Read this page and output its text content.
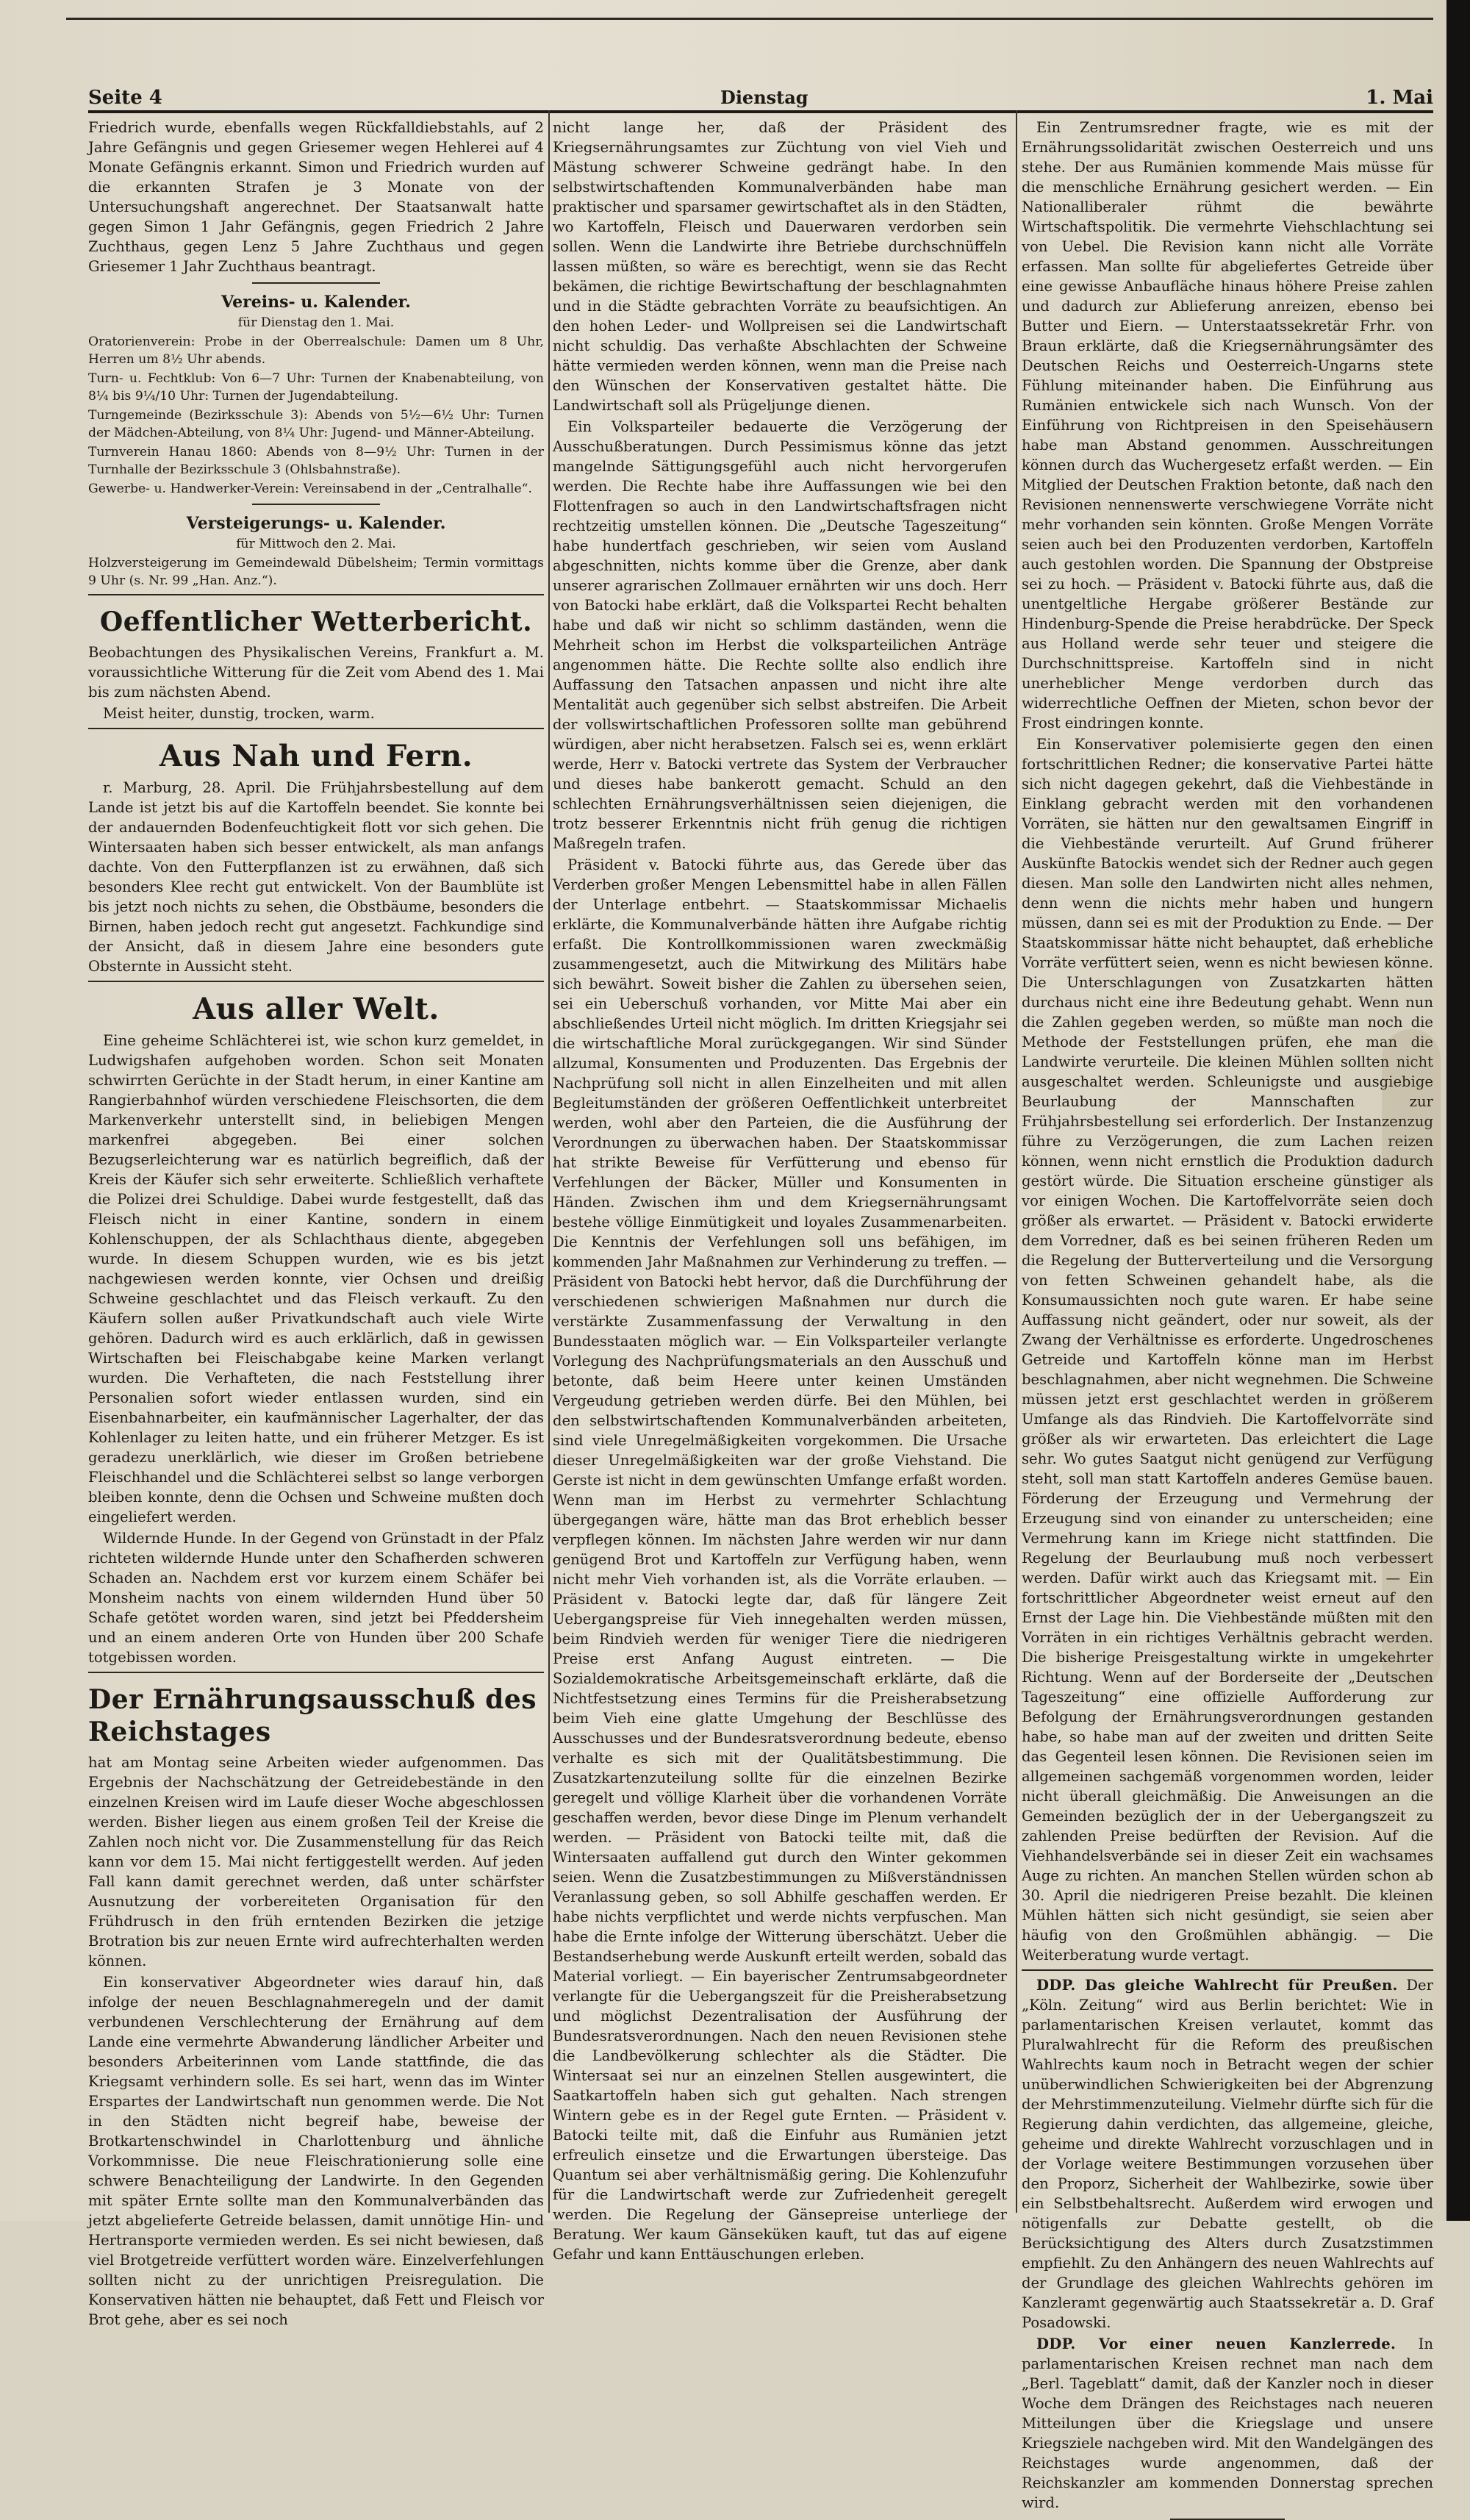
Seite 4	Dienstag	1. Mai

Friedrich wurde, ebenfalls wegen Rückfalldiebstahls, auf 2 Jahre Gefängnis und gegen Griesemer wegen Hehlerei auf 4 Monate Gefängnis erkannt. Simon und Friedrich wurden auf die erkannten Strafen je 3 Monate von der Untersuchungshaft angerechnet. Der Staatsanwalt hatte gegen Simon 1 Jahr Gefängnis, gegen Friedrich 2 Jahre Zuchthaus, gegen Lenz 5 Jahre Zuchthaus und gegen Griesemer 1 Jahr Zuchthaus beantragt.

Vereins- u. Kalender.

für Dienstag den 1. Mai.

Oratorienverein: Probe in der Oberrealschule: Damen um 8 Uhr, Herren um 8½ Uhr abends.

Turn- u. Fechtklub: Von 6—7 Uhr: Turnen der Knabenabteilung, von 8¼ bis 9¼/10 Uhr: Turnen der Jugendabteilung.

Turngemeinde (Bezirksschule 3): Abends von 5½—6½ Uhr: Turnen der Mädchen-Abteilung, von 8¼ Uhr: Jugend- und Männer-Abteilung.

Turnverein Hanau 1860: Abends von 8—9½ Uhr: Turnen in der Turnhalle der Bezirksschule 3 (Ohlsbahnstraße).

Gewerbe- u. Handwerker-Verein: Vereinsabend in der „Centralhalle“.

Versteigerungs- u. Kalender.

für Mittwoch den 2. Mai.

Holzversteigerung im Gemeindewald Dübelsheim; Termin vormittags 9 Uhr (s. Nr. 99 „Han. Anz.“).

Oeffentlicher Wetterbericht.

Beobachtungen des Physikalischen Vereins, Frankfurt a. M. voraussichtliche Witterung für die Zeit vom Abend des 1. Mai bis zum nächsten Abend.

Meist heiter, dunstig, trocken, warm.

Aus Nah und Fern.

r. Marburg, 28. April. Die Frühjahrsbestellung auf dem Lande ist jetzt bis auf die Kartoffeln beendet. Sie konnte bei der andauernden Bodenfeuchtigkeit flott vor sich gehen. Die Wintersaaten haben sich besser entwickelt, als man anfangs dachte. Von den Futterpflanzen ist zu erwähnen, daß sich besonders Klee recht gut entwickelt. Von der Baumblüte ist bis jetzt noch nichts zu sehen, die Obstbäume, besonders die Birnen, haben jedoch recht gut angesetzt. Fachkundige sind der Ansicht, daß in diesem Jahre eine besonders gute Obsternte in Aussicht steht.

Aus aller Welt.

Eine geheime Schlächterei ist, wie schon kurz gemeldet, in Ludwigshafen aufgehoben worden. Schon seit Monaten schwirrten Gerüchte in der Stadt herum, in einer Kantine am Rangierbahnhof würden verschiedene Fleischsorten, die dem Markenverkehr unterstellt sind, in beliebigen Mengen markenfrei abgegeben. Bei einer solchen Bezugserleichterung war es natürlich begreiflich, daß der Kreis der Käufer sich sehr erweiterte. Schließlich verhaftete die Polizei drei Schuldige. Dabei wurde festgestellt, daß das Fleisch nicht in einer Kantine, sondern in einem Kohlenschuppen, der als Schlachthaus diente, abgegeben wurde. In diesem Schuppen wurden, wie es bis jetzt nachgewiesen werden konnte, vier Ochsen und dreißig Schweine geschlachtet und das Fleisch verkauft. Zu den Käufern sollen außer Privatkundschaft auch viele Wirte gehören. Dadurch wird es auch erklärlich, daß in gewissen Wirtschaften bei Fleischabgabe keine Marken verlangt wurden. Die Verhafteten, die nach Feststellung ihrer Personalien sofort wieder entlassen wurden, sind ein Eisenbahnarbeiter, ein kaufmännischer Lagerhalter, der das Kohlenlager zu leiten hatte, und ein früherer Metzger. Es ist geradezu unerklärlich, wie dieser im Großen betriebene Fleischhandel und die Schlächterei selbst so lange verborgen bleiben konnte, denn die Ochsen und Schweine mußten doch eingeliefert werden.

Wildernde Hunde. In der Gegend von Grünstadt in der Pfalz richteten wildernde Hunde unter den Schafherden schweren Schaden an. Nachdem erst vor kurzem einem Schäfer bei Monsheim nachts von einem wildernden Hund über 50 Schafe getötet worden waren, sind jetzt bei Pfeddersheim und an einem anderen Orte von Hunden über 200 Schafe totgebissen worden.

Der Ernährungsausschuß des Reichstages

hat am Montag seine Arbeiten wieder aufgenommen. Das Ergebnis der Nachschätzung der Getreidebestände in den einzelnen Kreisen wird im Laufe dieser Woche abgeschlossen werden. Bisher liegen aus einem großen Teil der Kreise die Zahlen noch nicht vor. Die Zusammenstellung für das Reich kann vor dem 15. Mai nicht fertiggestellt werden. Auf jeden Fall kann damit gerechnet werden, daß unter schärfster Ausnutzung der vorbereiteten Organisation für den Frühdrusch in den früh erntenden Bezirken die jetzige Brotration bis zur neuen Ernte wird aufrechterhalten werden können.

Ein konservativer Abgeordneter wies darauf hin, daß infolge der neuen Beschlagnahmeregeln und der damit verbundenen Verschlechterung der Ernährung auf dem Lande eine vermehrte Abwanderung ländlicher Arbeiter und besonders Arbeiterinnen vom Lande stattfinde, die das Kriegsamt verhindern solle. Es sei hart, wenn das im Winter Erspartes der Landwirtschaft nun genommen werde. Die Not in den Städten nicht begreif habe, beweise der Brotkartenschwindel in Charlottenburg und ähnliche Vorkommnisse. Die neue Fleischrationierung solle eine schwere Benachteiligung der Landwirte. In den Gegenden mit später Ernte sollte man den Kommunalverbänden das jetzt abgelieferte Getreide belassen, damit unnötige Hin- und Hertransporte vermieden werden. Es sei nicht bewiesen, daß viel Brotgetreide verfüttert worden wäre. Einzelverfehlungen sollten nicht zu der unrichtigen Preisregulation. Die Konservativen hätten nie behauptet, daß Fett und Fleisch vor Brot gehe, aber es sei noch

nicht lange her, daß der Präsident des Kriegsernährungsamtes zur Züchtung von viel Vieh und Mästung schwerer Schweine gedrängt habe. In den selbstwirtschaftenden Kommunalverbänden habe man praktischer und sparsamer gewirtschaftet als in den Städten, wo Kartoffeln, Fleisch und Dauerwaren verdorben sein sollen. Wenn die Landwirte ihre Betriebe durchschnüffeln lassen müßten, so wäre es berechtigt, wenn sie das Recht bekämen, die richtige Bewirtschaftung der beschlagnahmten und in die Städte gebrachten Vorräte zu beaufsichtigen. An den hohen Leder- und Wollpreisen sei die Landwirtschaft nicht schuldig. Das verhaßte Abschlachten der Schweine hätte vermieden werden können, wenn man die Preise nach den Wünschen der Konservativen gestaltet hätte. Die Landwirtschaft soll als Prügeljunge dienen.

Ein Volksparteiler bedauerte die Verzögerung der Ausschußberatungen. Durch Pessimismus könne das jetzt mangelnde Sättigungsgefühl auch nicht hervorgerufen werden. Die Rechte habe ihre Auffassungen wie bei den Flottenfragen so auch in den Landwirtschaftsfragen nicht rechtzeitig umstellen können. Die „Deutsche Tageszeitung“ habe hundertfach geschrieben, wir seien vom Ausland abgeschnitten, nichts komme über die Grenze, aber dank unserer agrarischen Zollmauer ernährten wir uns doch. Herr von Batocki habe erklärt, daß die Volkspartei Recht behalten habe und daß wir nicht so schlimm daständen, wenn die Mehrheit schon im Herbst die volksparteilichen Anträge angenommen hätte. Die Rechte sollte also endlich ihre Auffassung den Tatsachen anpassen und nicht ihre alte Mentalität auch gegenüber sich selbst abstreifen. Die Arbeit der vollswirtschaftlichen Professoren sollte man gebührend würdigen, aber nicht herabsetzen. Falsch sei es, wenn erklärt werde, Herr v. Batocki vertrete das System der Verbraucher und dieses habe bankerott gemacht. Schuld an den schlechten Ernährungsverhältnissen seien diejenigen, die trotz besserer Erkenntnis nicht früh genug die richtigen Maßregeln trafen.

Präsident v. Batocki führte aus, das Gerede über das Verderben großer Mengen Lebensmittel habe in allen Fällen der Unterlage entbehrt. — Staatskommissar Michaelis erklärte, die Kommunalverbände hätten ihre Aufgabe richtig erfaßt. Die Kontrollkommissionen waren zweckmäßig zusammengesetzt, auch die Mitwirkung des Militärs habe sich bewährt. Soweit bisher die Zahlen zu übersehen seien, sei ein Ueberschuß vorhanden, vor Mitte Mai aber ein abschließendes Urteil nicht möglich. Im dritten Kriegsjahr sei die wirtschaftliche Moral zurückgegangen. Wir sind Sünder allzumal, Konsumenten und Produzenten. Das Ergebnis der Nachprüfung soll nicht in allen Einzelheiten und mit allen Begleitumständen der größeren Oeffentlichkeit unterbreitet werden, wohl aber den Parteien, die die Ausführung der Verordnungen zu überwachen haben. Der Staatskommissar hat strikte Beweise für Verfütterung und ebenso für Verfehlungen der Bäcker, Müller und Konsumenten in Händen. Zwischen ihm und dem Kriegsernährungsamt bestehe völlige Einmütigkeit und loyales Zusammenarbeiten. Die Kenntnis der Verfehlungen soll uns befähigen, im kommenden Jahr Maßnahmen zur Verhinderung zu treffen. — Präsident von Batocki hebt hervor, daß die Durchführung der verschiedenen schwierigen Maßnahmen nur durch die verstärkte Zusammenfassung der Verwaltung in den Bundesstaaten möglich war. — Ein Volksparteiler verlangte Vorlegung des Nachprüfungsmaterials an den Ausschuß und betonte, daß beim Heere unter keinen Umständen Vergeudung getrieben werden dürfe. Bei den Mühlen, bei den selbstwirtschaftenden Kommunalverbänden arbeiteten, sind viele Unregelmäßigkeiten vorgekommen. Die Ursache dieser Unregelmäßigkeiten war der große Viehstand. Die Gerste ist nicht in dem gewünschten Umfange erfaßt worden. Wenn man im Herbst zu vermehrter Schlachtung übergegangen wäre, hätte man das Brot erheblich besser verpflegen können. Im nächsten Jahre werden wir nur dann genügend Brot und Kartoffeln zur Verfügung haben, wenn nicht mehr Vieh vorhanden ist, als die Vorräte erlauben. — Präsident v. Batocki legte dar, daß für längere Zeit Uebergangspreise für Vieh innegehalten werden müssen, beim Rindvieh werden für weniger Tiere die niedrigeren Preise erst Anfang August eintreten. — Die Sozialdemokratische Arbeitsgemeinschaft erklärte, daß die Nichtfestsetzung eines Termins für die Preisherabsetzung beim Vieh eine glatte Umgehung der Beschlüsse des Ausschusses und der Bundesratsverordnung bedeute, ebenso verhalte es sich mit der Qualitätsbestimmung. Die Zusatzkartenzuteilung sollte für die einzelnen Bezirke geregelt und völlige Klarheit über die vorhandenen Vorräte geschaffen werden, bevor diese Dinge im Plenum verhandelt werden. — Präsident von Batocki teilte mit, daß die Wintersaaten auffallend gut durch den Winter gekommen seien. Wenn die Zusatzbestimmungen zu Mißverständnissen Veranlassung geben, so soll Abhilfe geschaffen werden. Er habe nichts verpflichtet und werde nichts verpfuschen. Man habe die Ernte infolge der Witterung überschätzt. Ueber die Bestandserhebung werde Auskunft erteilt werden, sobald das Material vorliegt. — Ein bayerischer Zentrumsabgeordneter verlangte für die Uebergangszeit für die Preisherabsetzung und möglichst Dezentralisation der Ausführung der Bundesratsverordnungen. Nach den neuen Revisionen stehe die Landbevölkerung schlechter als die Städter. Die Wintersaat sei nur an einzelnen Stellen ausgewintert, die Saatkartoffeln haben sich gut gehalten. Nach strengen Wintern gebe es in der Regel gute Ernten. — Präsident v. Batocki teilte mit, daß die Einfuhr aus Rumänien jetzt erfreulich einsetze und die Erwartungen übersteige. Das Quantum sei aber verhältnismäßig gering. Die Kohlenzufuhr für die Landwirtschaft werde zur Zufriedenheit geregelt werden. Die Regelung der Gänsepreise unterliege der Beratung. Wer kaum Gänseküken kauft, tut das auf eigene Gefahr und kann Enttäuschungen erleben.

Ein Zentrumsredner fragte, wie es mit der Ernährungssolidarität zwischen Oesterreich und uns stehe. Der aus Rumänien kommende Mais müsse für die menschliche Ernährung gesichert werden. — Ein Nationalliberaler rühmt die bewährte Wirtschaftspolitik. Die vermehrte Viehschlachtung sei von Uebel. Die Revision kann nicht alle Vorräte erfassen. Man sollte für abgeliefertes Getreide über eine gewisse Anbaufläche hinaus höhere Preise zahlen und dadurch zur Ablieferung anreizen, ebenso bei Butter und Eiern. — Unterstaatssekretär Frhr. von Braun erklärte, daß die Kriegsernährungsämter des Deutschen Reichs und Oesterreich-Ungarns stete Fühlung miteinander haben. Die Einführung aus Rumänien entwickele sich nach Wunsch. Von der Einführung von Richtpreisen in den Speisehäusern habe man Abstand genommen. Ausschreitungen können durch das Wuchergesetz erfaßt werden. — Ein Mitglied der Deutschen Fraktion betonte, daß nach den Revisionen nennenswerte verschwiegene Vorräte nicht mehr vorhanden sein könnten. Große Mengen Vorräte seien auch bei den Produzenten verdorben, Kartoffeln auch gestohlen worden. Die Spannung der Obstpreise sei zu hoch. — Präsident v. Batocki führte aus, daß die unentgeltliche Hergabe größerer Bestände zur Hindenburg-Spende die Preise herabdrücke. Der Speck aus Holland werde sehr teuer und steigere die Durchschnittspreise. Kartoffeln sind in nicht unerheblicher Menge verdorben durch das widerrechtliche Oeffnen der Mieten, schon bevor der Frost eindringen konnte.

Ein Konservativer polemisierte gegen den einen fortschrittlichen Redner; die konservative Partei hätte sich nicht dagegen gekehrt, daß die Viehbestände in Einklang gebracht werden mit den vorhandenen Vorräten, sie hätten nur den gewaltsamen Eingriff in die Viehbestände verurteilt. Auf Grund früherer Auskünfte Batockis wendet sich der Redner auch gegen diesen. Man solle den Landwirten nicht alles nehmen, denn wenn die nichts mehr haben und hungern müssen, dann sei es mit der Produktion zu Ende. — Der Staatskommissar hätte nicht behauptet, daß erhebliche Vorräte verfüttert seien, wenn es nicht bewiesen könne. Die Unterschlagungen von Zusatzkarten hätten durchaus nicht eine ihre Bedeutung gehabt. Wenn nun die Zahlen gegeben werden, so müßte man noch die Methode der Feststellungen prüfen, ehe man die Landwirte verurteile. Die kleinen Mühlen sollten nicht ausgeschaltet werden. Schleunigste und ausgiebige Beurlaubung der Mannschaften zur Frühjahrsbestellung sei erforderlich. Der Instanzenzug führe zu Verzögerungen, die zum Lachen reizen können, wenn nicht ernstlich die Produktion dadurch gestört würde. Die Situation erscheine günstiger als vor einigen Wochen. Die Kartoffelvorräte seien doch größer als erwartet. — Präsident v. Batocki erwiderte dem Vorredner, daß es bei seinen früheren Reden um die Regelung der Butterverteilung und die Versorgung von fetten Schweinen gehandelt habe, als die Konsumaussichten noch gute waren. Er habe seine Auffassung nicht geändert, oder nur soweit, als der Zwang der Verhältnisse es erforderte. Ungedroschenes Getreide und Kartoffeln könne man im Herbst beschlagnahmen, aber nicht wegnehmen. Die Schweine müssen jetzt erst geschlachtet werden in größerem Umfange als das Rindvieh. Die Kartoffelvorräte sind größer als wir erwarteten. Das erleichtert die Lage sehr. Wo gutes Saatgut nicht genügend zur Verfügung steht, soll man statt Kartoffeln anderes Gemüse bauen. Förderung der Erzeugung und Vermehrung der Erzeugung sind von einander zu unterscheiden; eine Vermehrung kann im Kriege nicht stattfinden. Die Regelung der Beurlaubung muß noch verbessert werden. Dafür wirkt auch das Kriegsamt mit. — Ein fortschrittlicher Abgeordneter weist erneut auf den Ernst der Lage hin. Die Viehbestände müßten mit den Vorräten in ein richtiges Verhältnis gebracht werden. Die bisherige Preisgestaltung wirkte in umgekehrter Richtung. Wenn auf der Borderseite der „Deutschen Tageszeitung“ eine offizielle Aufforderung zur Befolgung der Ernährungsverordnungen gestanden habe, so habe man auf der zweiten und dritten Seite das Gegenteil lesen können. Die Revisionen seien im allgemeinen sachgemäß vorgenommen worden, leider nicht überall gleichmäßig. Die Anweisungen an die Gemeinden bezüglich der in der Uebergangszeit zu zahlenden Preise bedürften der Revision. Auf die Viehhandelsverbände sei in dieser Zeit ein wachsames Auge zu richten. An manchen Stellen würden schon ab 30. April die niedrigeren Preise bezahlt. Die kleinen Mühlen hätten sich nicht gesündigt, sie seien aber häufig von den Großmühlen abhängig. — Die Weiterberatung wurde vertagt.

DDP. Das gleiche Wahlrecht für Preußen. Der „Köln. Zeitung“ wird aus Berlin berichtet: Wie in parlamentarischen Kreisen verlautet, kommt das Pluralwahlrecht für die Reform des preußischen Wahlrechts kaum noch in Betracht wegen der schier unüberwindlichen Schwierigkeiten bei der Abgrenzung der Mehrstimmenzuteilung. Vielmehr dürfte sich für die Regierung dahin verdichten, das allgemeine, gleiche, geheime und direkte Wahlrecht vorzuschlagen und in der Vorlage weitere Bestimmungen vorzusehen über den Proporz, Sicherheit der Wahlbezirke, sowie über ein Selbstbehaltsrecht. Außerdem wird erwogen und nötigenfalls zur Debatte gestellt, ob die Berücksichtigung des Alters durch Zusatzstimmen empfiehlt. Zu den Anhängern des neuen Wahlrechts auf der Grundlage des gleichen Wahlrechts gehören im Kanzleramt gegenwärtig auch Staatssekretär a. D. Graf Posadowski.

DDP. Vor einer neuen Kanzlerrede. In parlamentarischen Kreisen rechnet man nach dem „Berl. Tageblatt“ damit, daß der Kanzler noch in dieser Woche dem Drängen des Reichstages nach neueren Mitteilungen über die Kriegslage und unsere Kriegsziele nachgeben wird. Mit den Wandelgängen des Reichstages wurde angenommen, daß der Reichskanzler am kommenden Donnerstag sprechen wird.
